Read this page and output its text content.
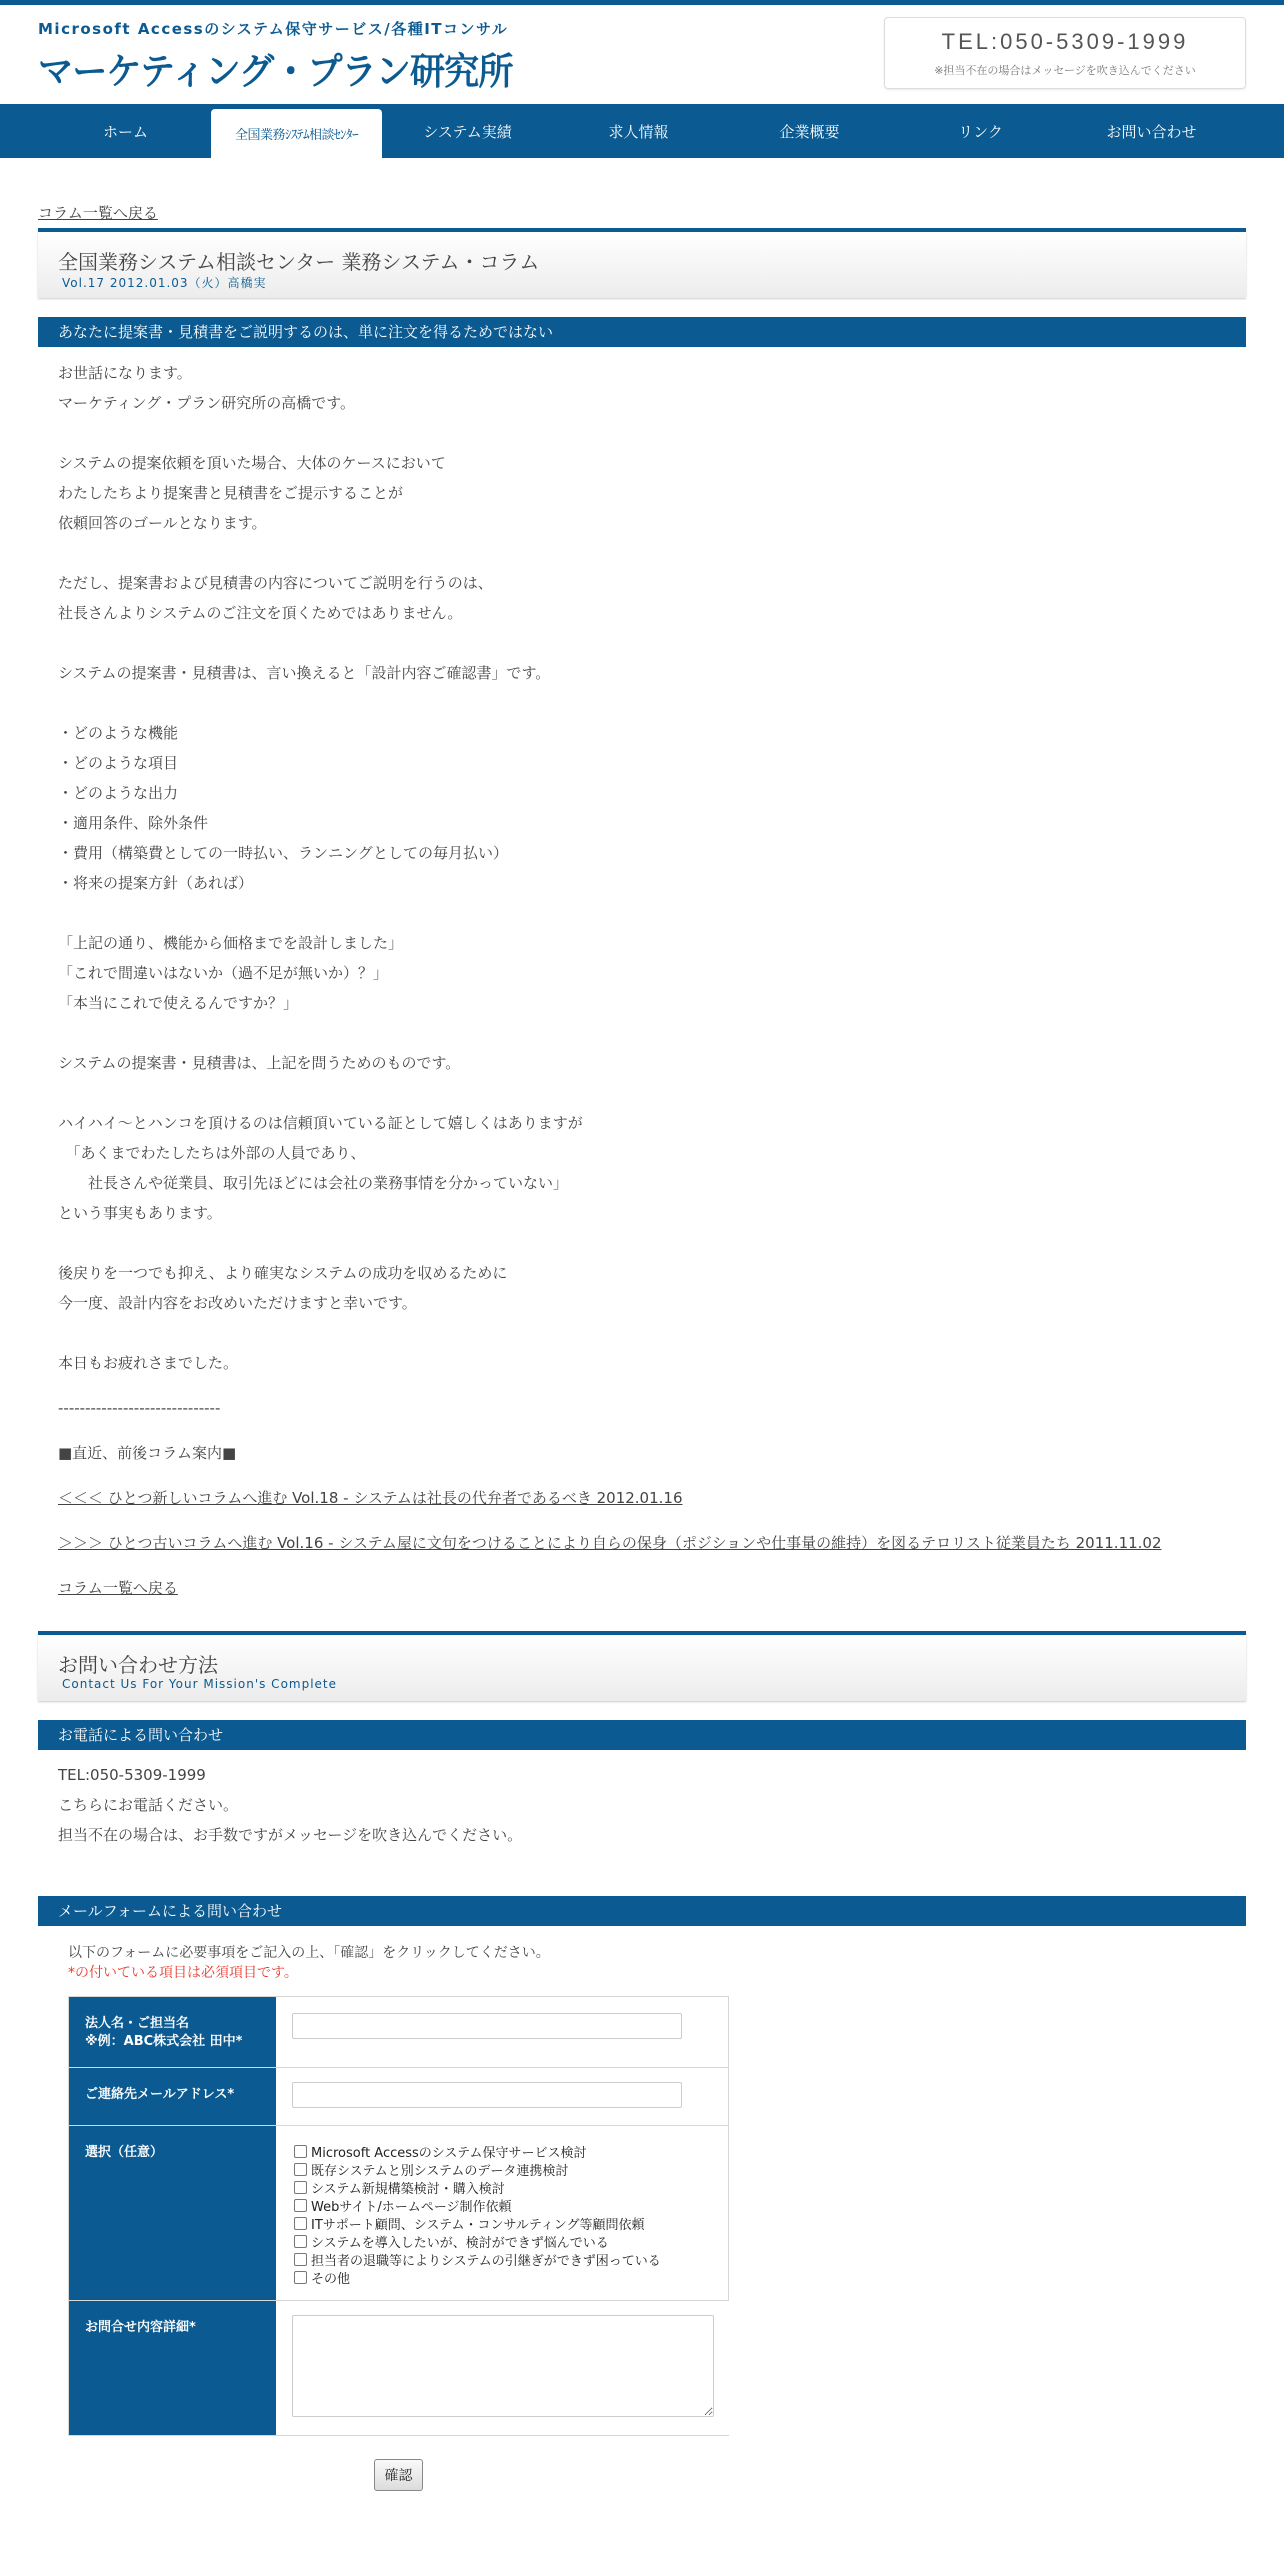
Microsoft Accessのシステム保守サービス/各種ITコンサル
マーケティング・プラン研究所
TEL:050-5309-1999
※担当不在の場合はメッセージを吹き込んでください
ホーム	全国業務ｼｽﾃﾑ相談ｾﾝﾀｰ	システム実績	求人情報	企業概要	リンク	お問い合わせ
コラム一覧へ戻る
全国業務システム相談センター 業務システム・コラム
Vol.17 2012.01.03（火）高橋実
あなたに提案書・見積書をご説明するのは、単に注文を得るためではない
お世話になります。
マーケティング・プラン研究所の高橋です。
システムの提案依頼を頂いた場合、大体のケースにおいて
わたしたちより提案書と見積書をご提示することが
依頼回答のゴールとなります。
ただし、提案書および見積書の内容についてご説明を行うのは、
社長さんよりシステムのご注文を頂くためではありません。
システムの提案書・見積書は、言い換えると「設計内容ご確認書」です。
・どのような機能
・どのような項目
・どのような出力
・適用条件、除外条件
・費用（構築費としての一時払い、ランニングとしての毎月払い）
・将来の提案方針（あれば）
「上記の通り、機能から価格までを設計しました」
「これで間違いはないか（過不足が無いか）？」
「本当にこれで使えるんですか？」
システムの提案書・見積書は、上記を問うためのものです。
ハイハイ～とハンコを頂けるのは信頼頂いている証として嬉しくはありますが
　「あくまでわたしたちは外部の人員であり、
　　社長さんや従業員、取引先ほどには会社の業務事情を分かっていない」
という事実もあります。
後戻りを一つでも抑え、より確実なシステムの成功を収めるために
今一度、設計内容をお改めいただけますと幸いです。
本日もお疲れさまでした。
------------------------------
■直近、前後コラム案内■
＜＜＜ ひとつ新しいコラムへ進む Vol.18 - システムは社長の代弁者であるべき 2012.01.16
＞＞＞ ひとつ古いコラムへ進む Vol.16 - システム屋に文句をつけることにより自らの保身（ポジションや仕事量の維持）を図るテロリスト従業員たち 2011.11.02
コラム一覧へ戻る
お問い合わせ方法
Contact Us For Your Mission's Complete
お電話による問い合わせ
TEL:050-5309-1999
こちらにお電話ください。
担当不在の場合は、お手数ですがメッセージを吹き込んでください。
メールフォームによる問い合わせ
以下のフォームに必要事項をご記入の上、「確認」をクリックしてください。
*の付いている項目は必須項目です。
法人名・ご担当名
※例：ABC株式会社 田中*
ご連絡先メールアドレス*
選択（任意）	Microsoft Accessのシステム保守サービス検討
既存システムと別システムのデータ連携検討
システム新規構築検討・購入検討
Webサイト/ホームページ制作依頼
ITサポート顧問、システム・コンサルティング等顧問依頼
システムを導入したいが、検討ができず悩んでいる
担当者の退職等によりシステムの引継ぎができず困っている
その他
お問合せ内容詳細*
確認
